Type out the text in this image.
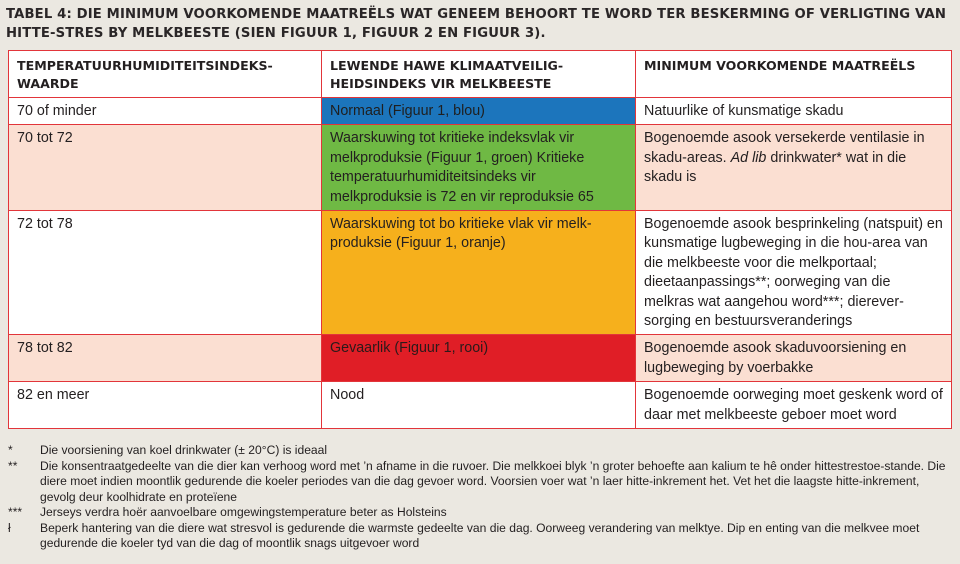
TABEL 4: DIE MINIMUM VOORKOMENDE MAATREËLS WAT GENEEM BEHOORT TE WORD TER BESKERMING OF VERLIGTING VAN HITTE-STRES BY MELKBEESTE (SIEN FIGUUR 1, FIGUUR 2 EN FIGUUR 3).
TEMPERATUURHUMIDITEITSINDEKS-WAARDE	LEWENDE HAWE KLIMAATVEILIG-HEIDSINDEKS VIR MELKBEESTE	MINIMUM VOORKOMENDE MAATREËLS
70 of minder	Normaal (Figuur 1, blou)	Natuurlike of kunsmatige skadu
70 tot 72	Waarskuwing tot kritieke indeksvlak vir melkproduksie (Figuur 1, groen) Kritieke temperatuurhumiditeitsindeks vir melkproduksie is 72 en vir reproduksie 65	Bogenoemde asook versekerde ventilasie in skadu-areas. Ad lib drinkwater* wat in die skadu is
72 tot 78	Waarskuwing tot bo kritieke vlak vir melk-produksie (Figuur 1, oranje)	Bogenoemde asook besprinkeling (natspuit) en kunsmatige lugbeweging in die hou-area van die melkbeeste voor die melkportaal; dieetaanpassings**; oorweging van die melkras wat aangehou word***; dierever-sorging en bestuursveranderings
78 tot 82	Gevaarlik (Figuur 1, rooi)	Bogenoemde asook skaduvoorsiening en lugbeweging by voerbakke
82 en meer	Nood	Bogenoemde oorweging moet geskenk word of daar met melkbeeste geboer moet word
*	Die voorsiening van koel drinkwater (± 20°C) is ideaal
**	Die konsentraatgedeelte van die dier kan verhoog word met ’n afname in die ruvoer. Die melkkoei blyk ’n groter behoefte aan kalium te hê onder hittestrestoe-stande. Die diere moet indien moontlik gedurende die koeler periodes van die dag gevoer word. Voorsien voer wat ’n laer hitte-inkrement het. Vet het die laagste hitte-inkrement, gevolg deur koolhidrate en proteïene
***	Jerseys verdra hoër aanvoelbare omgewingstemperature beter as Holsteins
ł	Beperk hantering van die diere wat stresvol is gedurende die warmste gedeelte van die dag. Oorweeg verandering van melktye. Dip en enting van die melkvee moet gedurende die koeler tyd van die dag of moontlik snags uitgevoer word
